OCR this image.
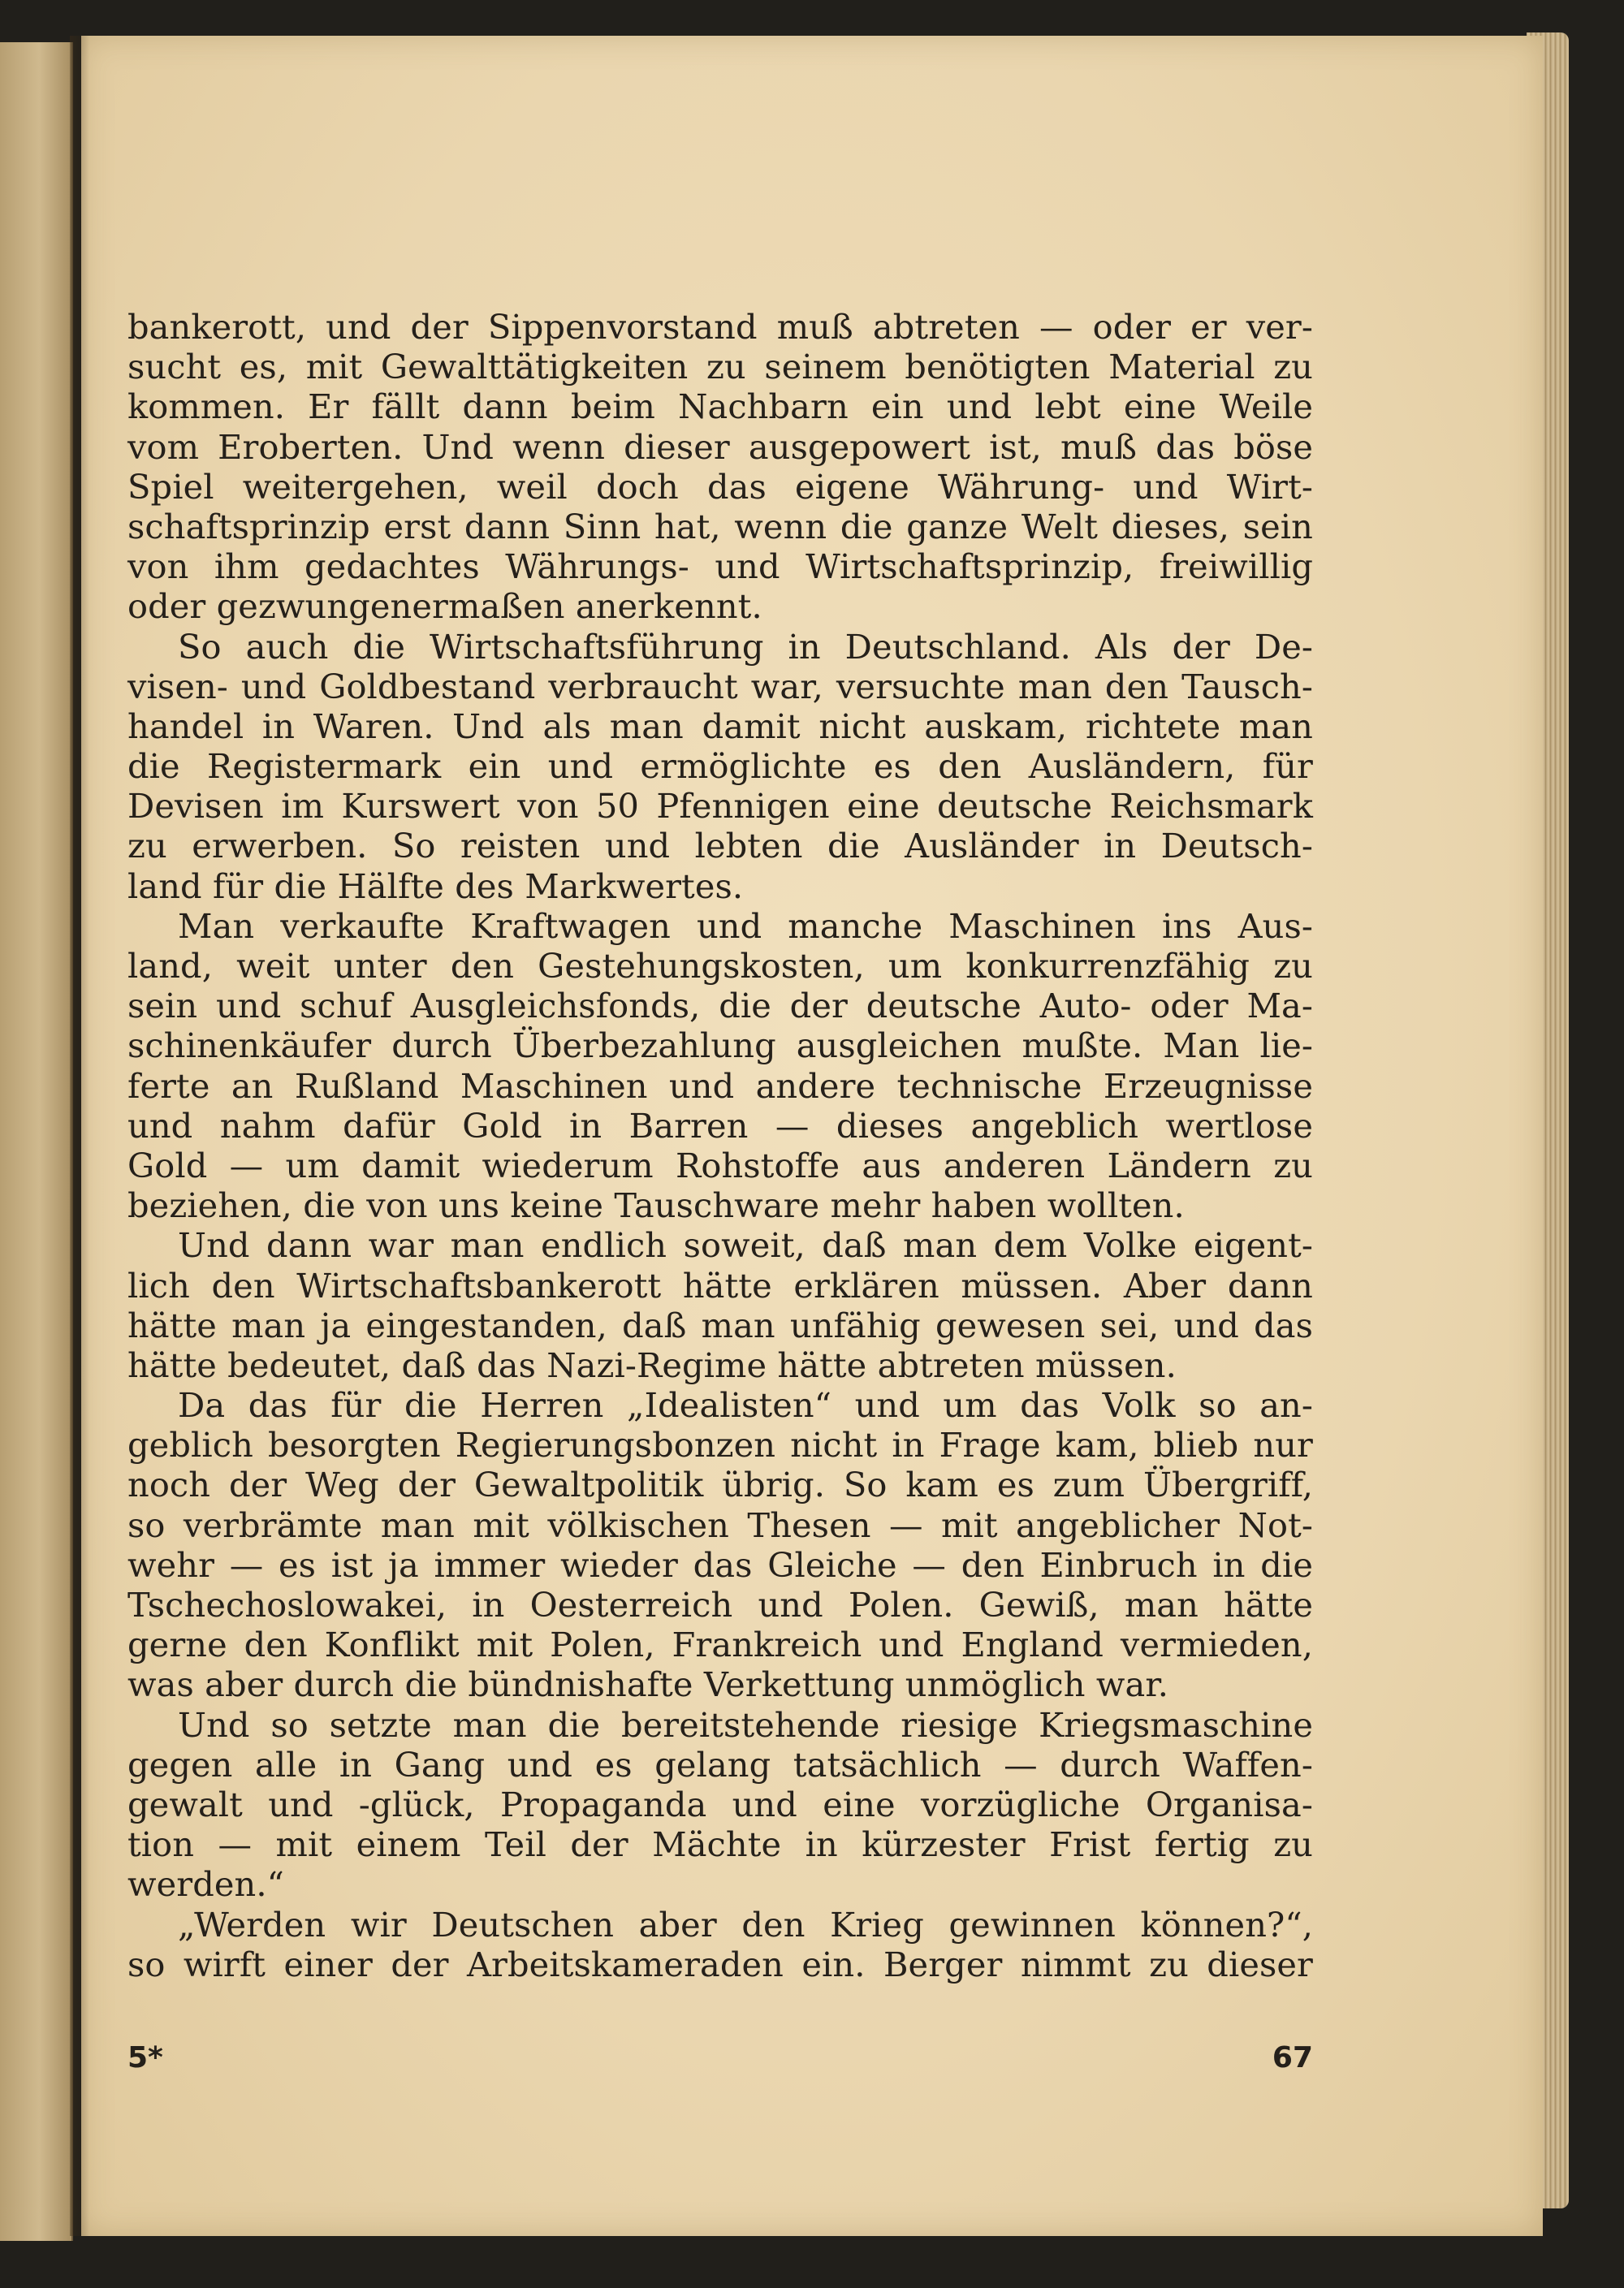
bankerott, und der Sippenvorstand muß abtreten — oder er ver-
sucht es, mit Gewalttätigkeiten zu seinem benötigten Material zu
kommen. Er fällt dann beim Nachbarn ein und lebt eine Weile
vom Eroberten. Und wenn dieser ausgepowert ist, muß das böse
Spiel weitergehen, weil doch das eigene Währung- und Wirt-
schaftsprinzip erst dann Sinn hat, wenn die ganze Welt dieses, sein
von ihm gedachtes Währungs- und Wirtschaftsprinzip, freiwillig
oder gezwungenermaßen anerkennt.
So auch die Wirtschaftsführung in Deutschland. Als der De-
visen- und Goldbestand verbraucht war, versuchte man den Tausch-
handel in Waren. Und als man damit nicht auskam, richtete man
die Registermark ein und ermöglichte es den Ausländern, für
Devisen im Kurswert von 50 Pfennigen eine deutsche Reichsmark
zu erwerben. So reisten und lebten die Ausländer in Deutsch-
land für die Hälfte des Markwertes.
Man verkaufte Kraftwagen und manche Maschinen ins Aus-
land, weit unter den Gestehungskosten, um konkurrenzfähig zu
sein und schuf Ausgleichsfonds, die der deutsche Auto- oder Ma-
schinenkäufer durch Überbezahlung ausgleichen mußte. Man lie-
ferte an Rußland Maschinen und andere technische Erzeugnisse
und nahm dafür Gold in Barren — dieses angeblich wertlose
Gold — um damit wiederum Rohstoffe aus anderen Ländern zu
beziehen, die von uns keine Tauschware mehr haben wollten.
Und dann war man endlich soweit, daß man dem Volke eigent-
lich den Wirtschaftsbankerott hätte erklären müssen. Aber dann
hätte man ja eingestanden, daß man unfähig gewesen sei, und das
hätte bedeutet, daß das Nazi-Regime hätte abtreten müssen.
Da das für die Herren „Idealisten“ und um das Volk so an-
geblich besorgten Regierungsbonzen nicht in Frage kam, blieb nur
noch der Weg der Gewaltpolitik übrig. So kam es zum Übergriff,
so verbrämte man mit völkischen Thesen — mit angeblicher Not-
wehr — es ist ja immer wieder das Gleiche — den Einbruch in die
Tschechoslowakei, in Oesterreich und Polen. Gewiß, man hätte
gerne den Konflikt mit Polen, Frankreich und England vermieden,
was aber durch die bündnishafte Verkettung unmöglich war.
Und so setzte man die bereitstehende riesige Kriegsmaschine
gegen alle in Gang und es gelang tatsächlich — durch Waffen-
gewalt und -glück, Propaganda und eine vorzügliche Organisa-
tion — mit einem Teil der Mächte in kürzester Frist fertig zu
werden.“
„Werden wir Deutschen aber den Krieg gewinnen können?“,
so wirft einer der Arbeitskameraden ein. Berger nimmt zu dieser
5*	67
